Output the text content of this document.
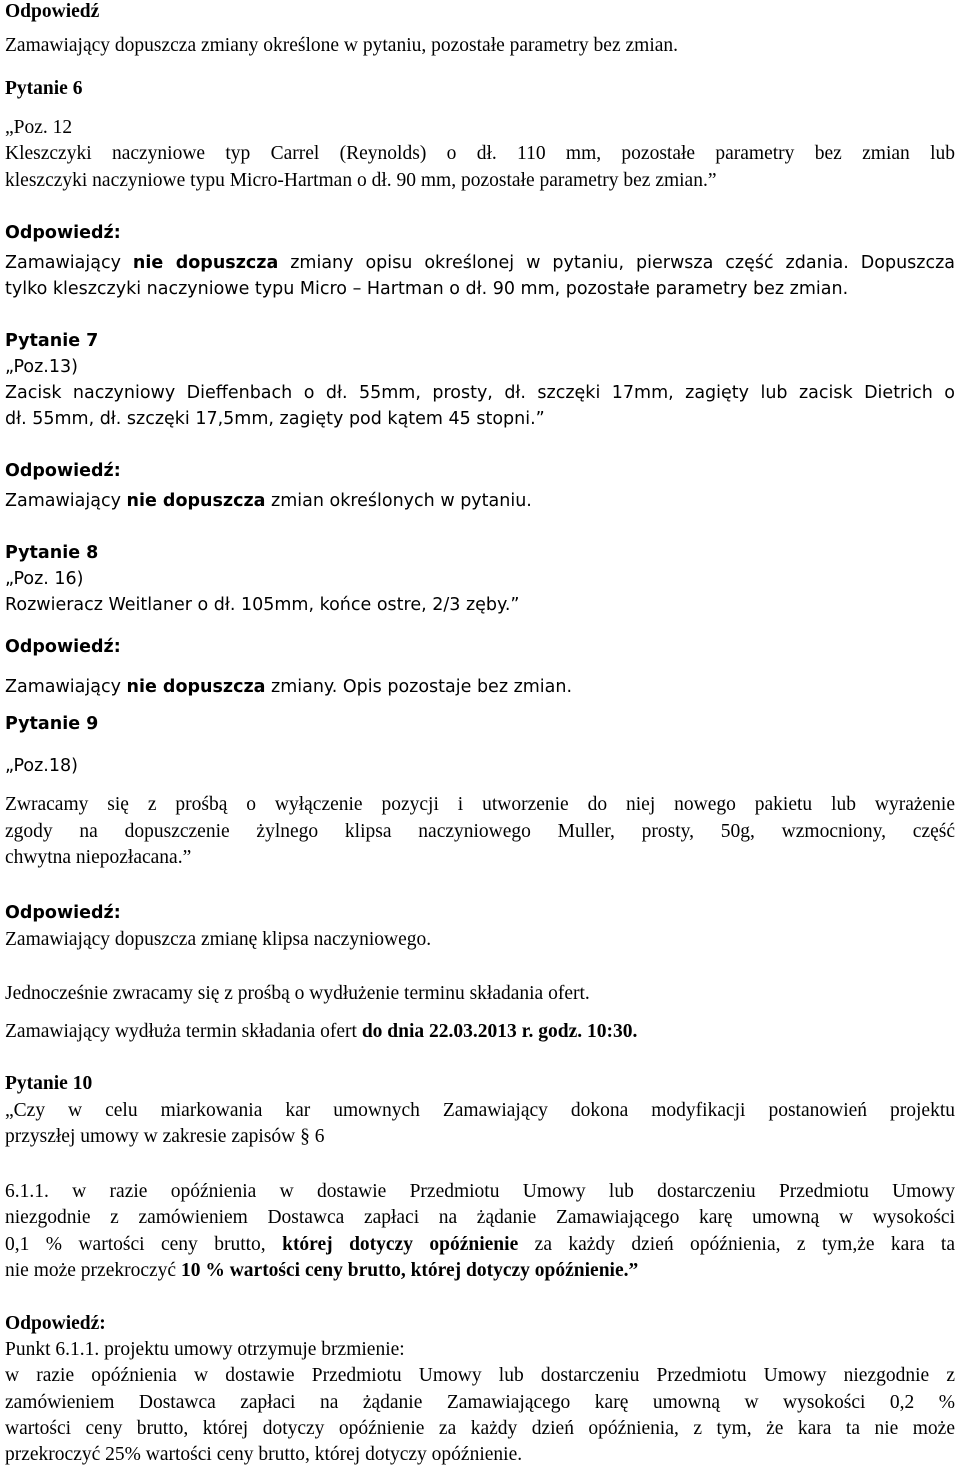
Odpowiedź
Zamawiający dopuszcza zmiany określone w pytaniu, pozostałe parametry bez zmian.
Pytanie 6
„Poz. 12
Kleszczyki naczyniowe typ Carrel (Reynolds) o dł. 110 mm, pozostałe parametry bez zmian lub
kleszczyki naczyniowe typu Micro-Hartman o dł. 90 mm, pozostałe parametry bez zmian.”
Odpowiedź:
Zamawiający nie dopuszcza zmiany opisu określonej w pytaniu, pierwsza część zdania. Dopuszcza
tylko kleszczyki naczyniowe typu Micro – Hartman o dł. 90 mm, pozostałe parametry bez zmian.
Pytanie 7
„Poz.13)
Zacisk naczyniowy Dieffenbach o dł. 55mm, prosty, dł. szczęki 17mm, zagięty lub zacisk Dietrich o
dł. 55mm, dł. szczęki 17,5mm, zagięty pod kątem 45 stopni.”
Odpowiedź:
Zamawiający nie dopuszcza zmian określonych w pytaniu.
Pytanie 8
„Poz. 16)
Rozwieracz Weitlaner o dł. 105mm, końce ostre, 2/3 zęby.”
Odpowiedź:
Zamawiający nie dopuszcza zmiany. Opis pozostaje bez zmian.
Pytanie 9
„Poz.18)
Zwracamy się z prośbą o wyłączenie pozycji i utworzenie do niej nowego pakietu lub wyrażenie
zgody na dopuszczenie żylnego klipsa naczyniowego Muller, prosty, 50g, wzmocniony, część
chwytna niepozłacana.”
Odpowiedź:
Zamawiający dopuszcza zmianę klipsa naczyniowego.
Jednocześnie zwracamy się z prośbą o wydłużenie terminu składania ofert.
Zamawiający wydłuża termin składania ofert do dnia 22.03.2013 r. godz. 10:30.
Pytanie 10
„Czy w celu miarkowania kar umownych Zamawiający dokona modyfikacji postanowień projektu
przyszłej umowy w zakresie zapisów § 6
6.1.1. w razie opóźnienia w dostawie Przedmiotu Umowy lub dostarczeniu Przedmiotu Umowy
niezgodnie z zamówieniem Dostawca zapłaci na żądanie Zamawiającego karę umowną w wysokości
0,1 % wartości ceny brutto, której dotyczy opóźnienie za każdy dzień opóźnienia, z tym,że kara ta
nie może przekroczyć 10 % wartości ceny brutto, której dotyczy opóźnienie.”
Odpowiedź:
Punkt 6.1.1. projektu umowy otrzymuje brzmienie:
w razie opóźnienia w dostawie Przedmiotu Umowy lub dostarczeniu Przedmiotu Umowy niezgodnie z
zamówieniem Dostawca zapłaci na żądanie Zamawiającego karę umowną w wysokości 0,2 %
wartości ceny brutto, której dotyczy opóźnienie za każdy dzień opóźnienia, z tym, że kara ta nie może
przekroczyć 25% wartości ceny brutto, której dotyczy opóźnienie.
